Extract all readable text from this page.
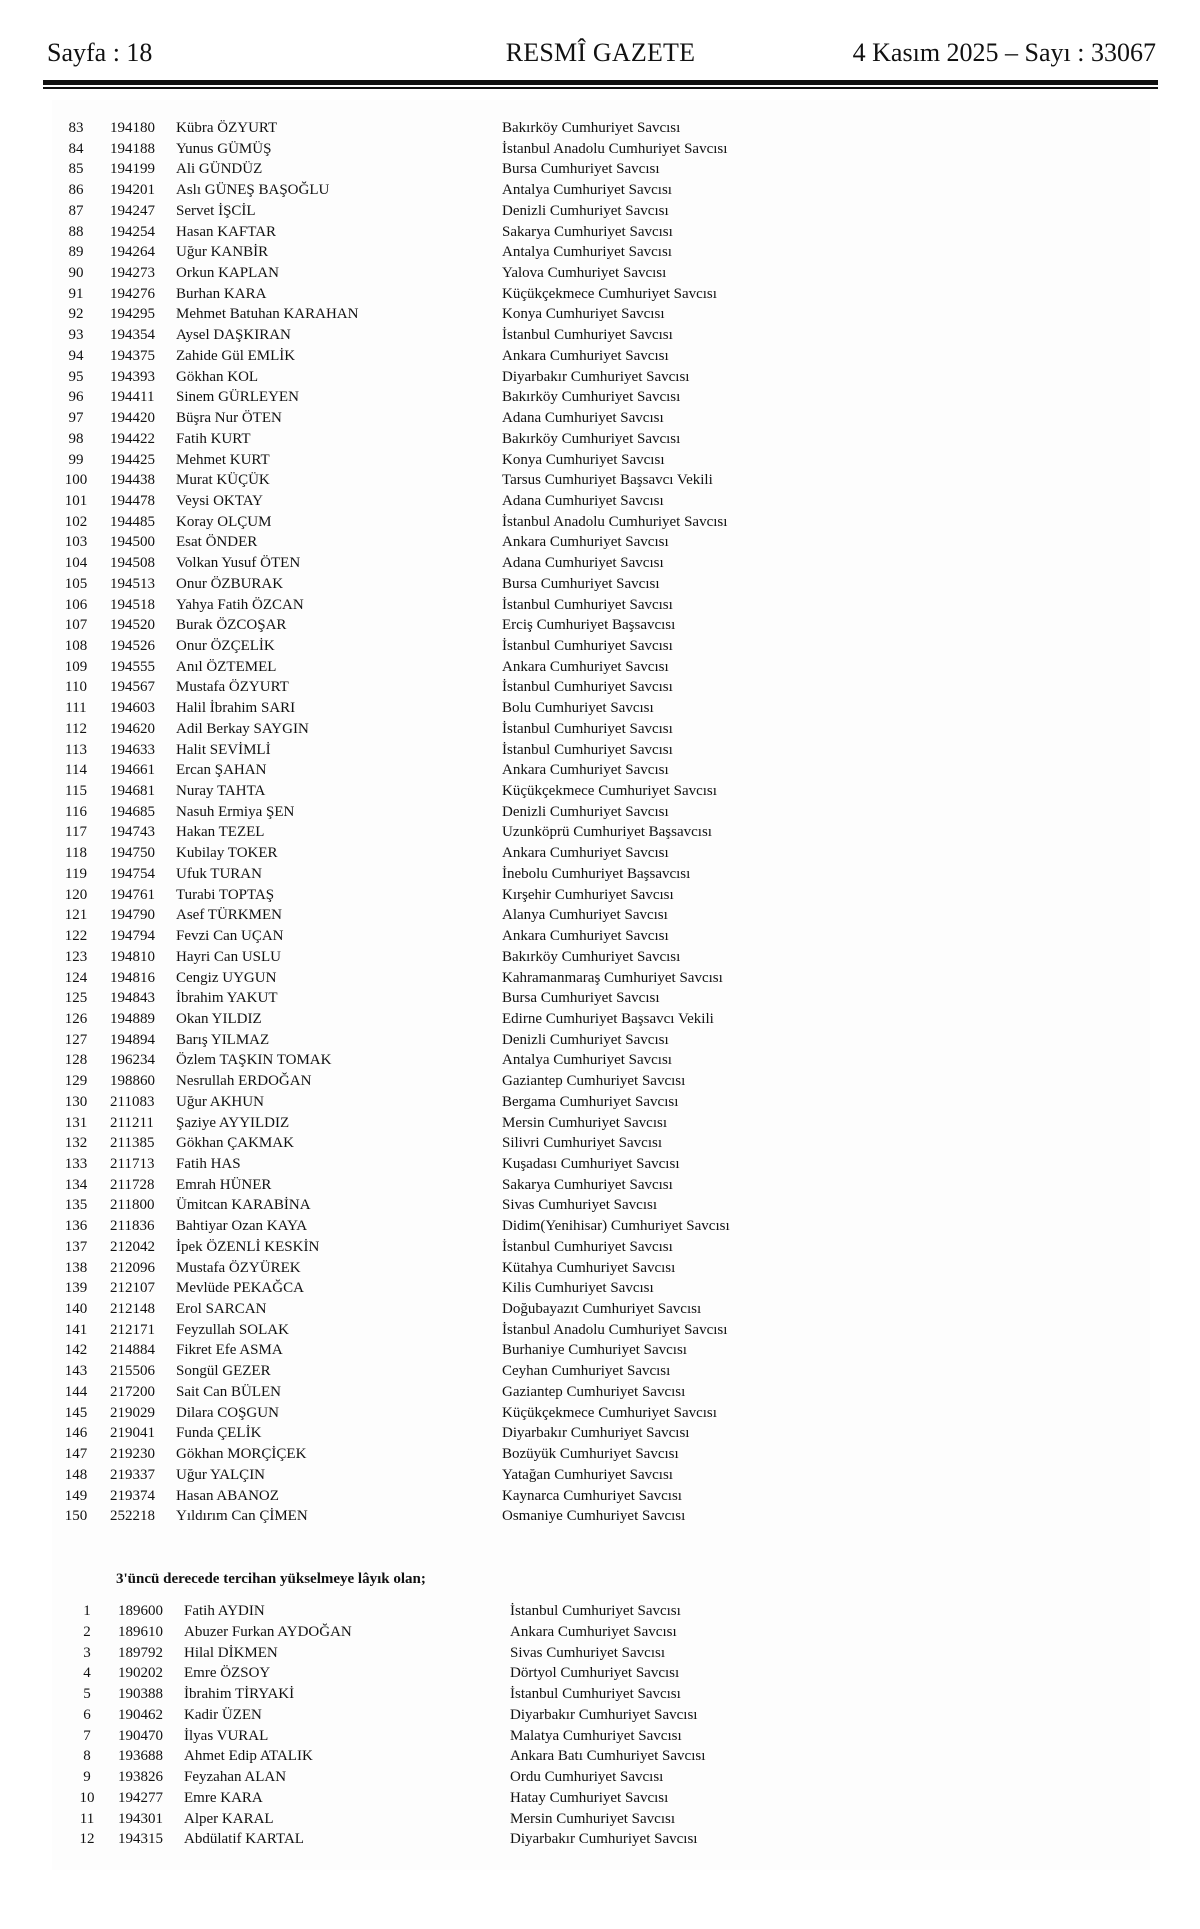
Sayfa : 18	RESMÎ GAZETE	4 Kasım 2025 – Sayı : 33067
83	194180 Kübra ÖZYURT	Bakırköy Cumhuriyet Savcısı
84	194188 Yunus GÜMÜŞ	İstanbul Anadolu Cumhuriyet Savcısı
85	194199 Ali GÜNDÜZ	Bursa Cumhuriyet Savcısı
86	194201 Aslı GÜNEŞ BAŞOĞLU	Antalya Cumhuriyet Savcısı
87	194247 Servet İŞCİL	Denizli Cumhuriyet Savcısı
88	194254 Hasan KAFTAR	Sakarya Cumhuriyet Savcısı
89	194264 Uğur KANBİR	Antalya Cumhuriyet Savcısı
90	194273 Orkun KAPLAN	Yalova Cumhuriyet Savcısı
91	194276 Burhan KARA	Küçükçekmece Cumhuriyet Savcısı
92	194295 Mehmet Batuhan KARAHAN	Konya Cumhuriyet Savcısı
93	194354 Aysel DAŞKIRAN	İstanbul Cumhuriyet Savcısı
94	194375 Zahide Gül EMLİK	Ankara Cumhuriyet Savcısı
95	194393 Gökhan KOL	Diyarbakır Cumhuriyet Savcısı
96	194411 Sinem GÜRLEYEN	Bakırköy Cumhuriyet Savcısı
97	194420 Büşra Nur ÖTEN	Adana Cumhuriyet Savcısı
98	194422 Fatih KURT	Bakırköy Cumhuriyet Savcısı
99	194425 Mehmet KURT	Konya Cumhuriyet Savcısı
100	194438 Murat KÜÇÜK	Tarsus Cumhuriyet Başsavcı Vekili
101	194478 Veysi OKTAY	Adana Cumhuriyet Savcısı
102	194485 Koray OLÇUM	İstanbul Anadolu Cumhuriyet Savcısı
103	194500 Esat ÖNDER	Ankara Cumhuriyet Savcısı
104	194508 Volkan Yusuf ÖTEN	Adana Cumhuriyet Savcısı
105	194513 Onur ÖZBURAK	Bursa Cumhuriyet Savcısı
106	194518 Yahya Fatih ÖZCAN	İstanbul Cumhuriyet Savcısı
107	194520 Burak ÖZCOŞAR	Erciş Cumhuriyet Başsavcısı
108	194526 Onur ÖZÇELİK	İstanbul Cumhuriyet Savcısı
109	194555 Anıl ÖZTEMEL	Ankara Cumhuriyet Savcısı
110	194567 Mustafa ÖZYURT	İstanbul Cumhuriyet Savcısı
111	194603 Halil İbrahim SARI	Bolu Cumhuriyet Savcısı
112	194620 Adil Berkay SAYGIN	İstanbul Cumhuriyet Savcısı
113	194633 Halit SEVİMLİ	İstanbul Cumhuriyet Savcısı
114	194661 Ercan ŞAHAN	Ankara Cumhuriyet Savcısı
115	194681 Nuray TAHTA	Küçükçekmece Cumhuriyet Savcısı
116	194685 Nasuh Ermiya ŞEN	Denizli Cumhuriyet Savcısı
117	194743 Hakan TEZEL	Uzunköprü Cumhuriyet Başsavcısı
118	194750 Kubilay TOKER	Ankara Cumhuriyet Savcısı
119	194754 Ufuk TURAN	İnebolu Cumhuriyet Başsavcısı
120	194761 Turabi TOPTAŞ	Kırşehir Cumhuriyet Savcısı
121	194790 Asef TÜRKMEN	Alanya Cumhuriyet Savcısı
122	194794 Fevzi Can UÇAN	Ankara Cumhuriyet Savcısı
123	194810 Hayri Can USLU	Bakırköy Cumhuriyet Savcısı
124	194816 Cengiz UYGUN	Kahramanmaraş Cumhuriyet Savcısı
125	194843 İbrahim YAKUT	Bursa Cumhuriyet Savcısı
126	194889 Okan YILDIZ	Edirne Cumhuriyet Başsavcı Vekili
127	194894 Barış YILMAZ	Denizli Cumhuriyet Savcısı
128	196234 Özlem TAŞKIN TOMAK	Antalya Cumhuriyet Savcısı
129	198860 Nesrullah ERDOĞAN	Gaziantep Cumhuriyet Savcısı
130	211083 Uğur AKHUN	Bergama Cumhuriyet Savcısı
131	211211 Şaziye AYYILDIZ	Mersin Cumhuriyet Savcısı
132	211385 Gökhan ÇAKMAK	Silivri Cumhuriyet Savcısı
133	211713 Fatih HAS	Kuşadası Cumhuriyet Savcısı
134	211728 Emrah HÜNER	Sakarya Cumhuriyet Savcısı
135	211800 Ümitcan KARABİNA	Sivas Cumhuriyet Savcısı
136	211836 Bahtiyar Ozan KAYA	Didim(Yenihisar) Cumhuriyet Savcısı
137	212042 İpek ÖZENLİ KESKİN	İstanbul Cumhuriyet Savcısı
138	212096 Mustafa ÖZYÜREK	Kütahya Cumhuriyet Savcısı
139	212107 Mevlüde PEKAĞCA	Kilis Cumhuriyet Savcısı
140	212148 Erol SARCAN	Doğubayazıt Cumhuriyet Savcısı
141	212171 Feyzullah SOLAK	İstanbul Anadolu Cumhuriyet Savcısı
142	214884 Fikret Efe ASMA	Burhaniye Cumhuriyet Savcısı
143	215506 Songül GEZER	Ceyhan Cumhuriyet Savcısı
144	217200 Sait Can BÜLEN	Gaziantep Cumhuriyet Savcısı
145	219029 Dilara COŞGUN	Küçükçekmece Cumhuriyet Savcısı
146	219041 Funda ÇELİK	Diyarbakır Cumhuriyet Savcısı
147	219230 Gökhan MORÇİÇEK	Bozüyük Cumhuriyet Savcısı
148	219337 Uğur YALÇIN	Yatağan Cumhuriyet Savcısı
149	219374 Hasan ABANOZ	Kaynarca Cumhuriyet Savcısı
150	252218 Yıldırım Can ÇİMEN	Osmaniye Cumhuriyet Savcısı
3'üncü derecede tercihan yükselmeye lâyık olan;
1	189600 Fatih AYDIN	İstanbul Cumhuriyet Savcısı
2	189610 Abuzer Furkan AYDOĞAN	Ankara Cumhuriyet Savcısı
3	189792 Hilal DİKMEN	Sivas Cumhuriyet Savcısı
4	190202 Emre ÖZSOY	Dörtyol Cumhuriyet Savcısı
5	190388 İbrahim TİRYAKİ	İstanbul Cumhuriyet Savcısı
6	190462 Kadir ÜZEN	Diyarbakır Cumhuriyet Savcısı
7	190470 İlyas VURAL	Malatya Cumhuriyet Savcısı
8	193688 Ahmet Edip ATALIK	Ankara Batı Cumhuriyet Savcısı
9	193826 Feyzahan ALAN	Ordu Cumhuriyet Savcısı
10	194277 Emre KARA	Hatay Cumhuriyet Savcısı
11	194301 Alper KARAL	Mersin Cumhuriyet Savcısı
12	194315 Abdülatif KARTAL	Diyarbakır Cumhuriyet Savcısı
